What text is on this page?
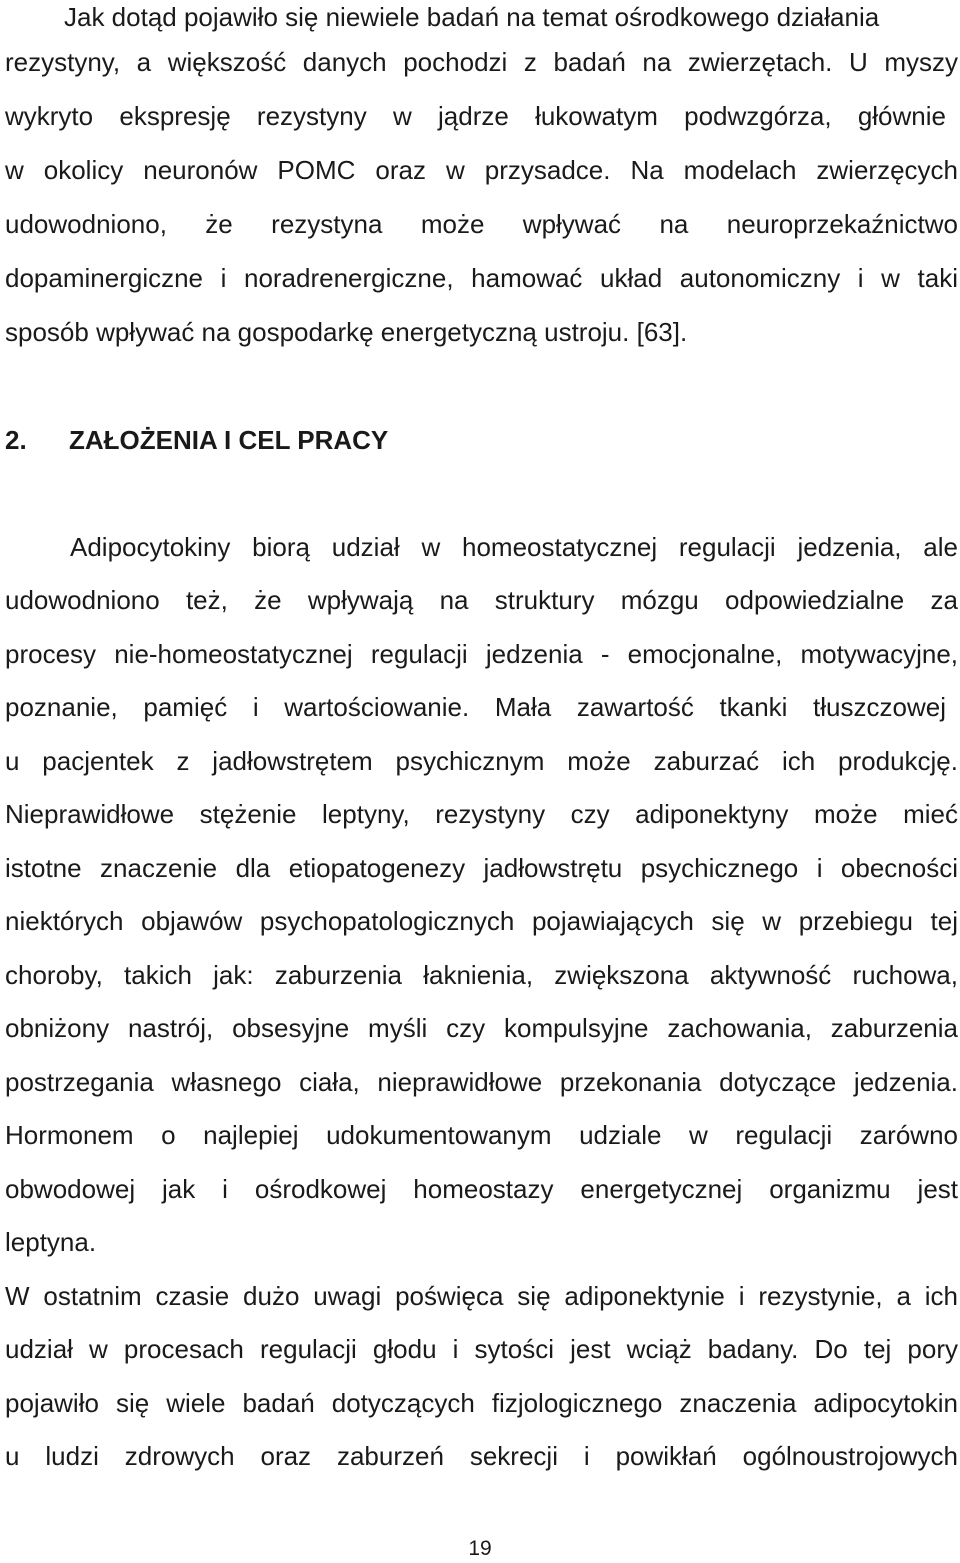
Jak dotąd pojawiło się niewiele badań na temat ośrodkowego działania
rezystyny, a większość danych pochodzi z badań na zwierzętach. U myszy
wykryto ekspresję rezystyny w jądrze łukowatym podwzgórza, głównie
w okolicy neuronów POMC oraz w przysadce. Na modelach zwierzęcych
udowodniono, że rezystyna może wpływać na neuroprzekaźnictwo
dopaminergiczne i noradrenergiczne, hamować układ autonomiczny i w taki
sposób wpływać na gospodarkę energetyczną ustroju. [63].
2. ZAŁOŻENIA I CEL PRACY
Adipocytokiny biorą udział w homeostatycznej regulacji jedzenia, ale
udowodniono też, że wpływają na struktury mózgu odpowiedzialne za
procesy nie-homeostatycznej regulacji jedzenia - emocjonalne, motywacyjne,
poznanie, pamięć i wartościowanie. Mała zawartość tkanki tłuszczowej
u pacjentek z jadłowstrętem psychicznym może zaburzać ich produkcję.
Nieprawidłowe stężenie leptyny, rezystyny czy adiponektyny może mieć
istotne znaczenie dla etiopatogenezy jadłowstrętu psychicznego i obecności
niektórych objawów psychopatologicznych pojawiających się w przebiegu tej
choroby, takich jak: zaburzenia łaknienia, zwiększona aktywność ruchowa,
obniżony nastrój, obsesyjne myśli czy kompulsyjne zachowania, zaburzenia
postrzegania własnego ciała, nieprawidłowe przekonania dotyczące jedzenia.
Hormonem o najlepiej udokumentowanym udziale w regulacji zarówno
obwodowej jak i ośrodkowej homeostazy energetycznej organizmu jest
leptyna.
W ostatnim czasie dużo uwagi poświęca się adiponektynie i rezystynie, a ich
udział w procesach regulacji głodu i sytości jest wciąż badany. Do tej pory
pojawiło się wiele badań dotyczących fizjologicznego znaczenia adipocytokin
u ludzi zdrowych oraz zaburzeń sekrecji i powikłań ogólnoustrojowych
19
